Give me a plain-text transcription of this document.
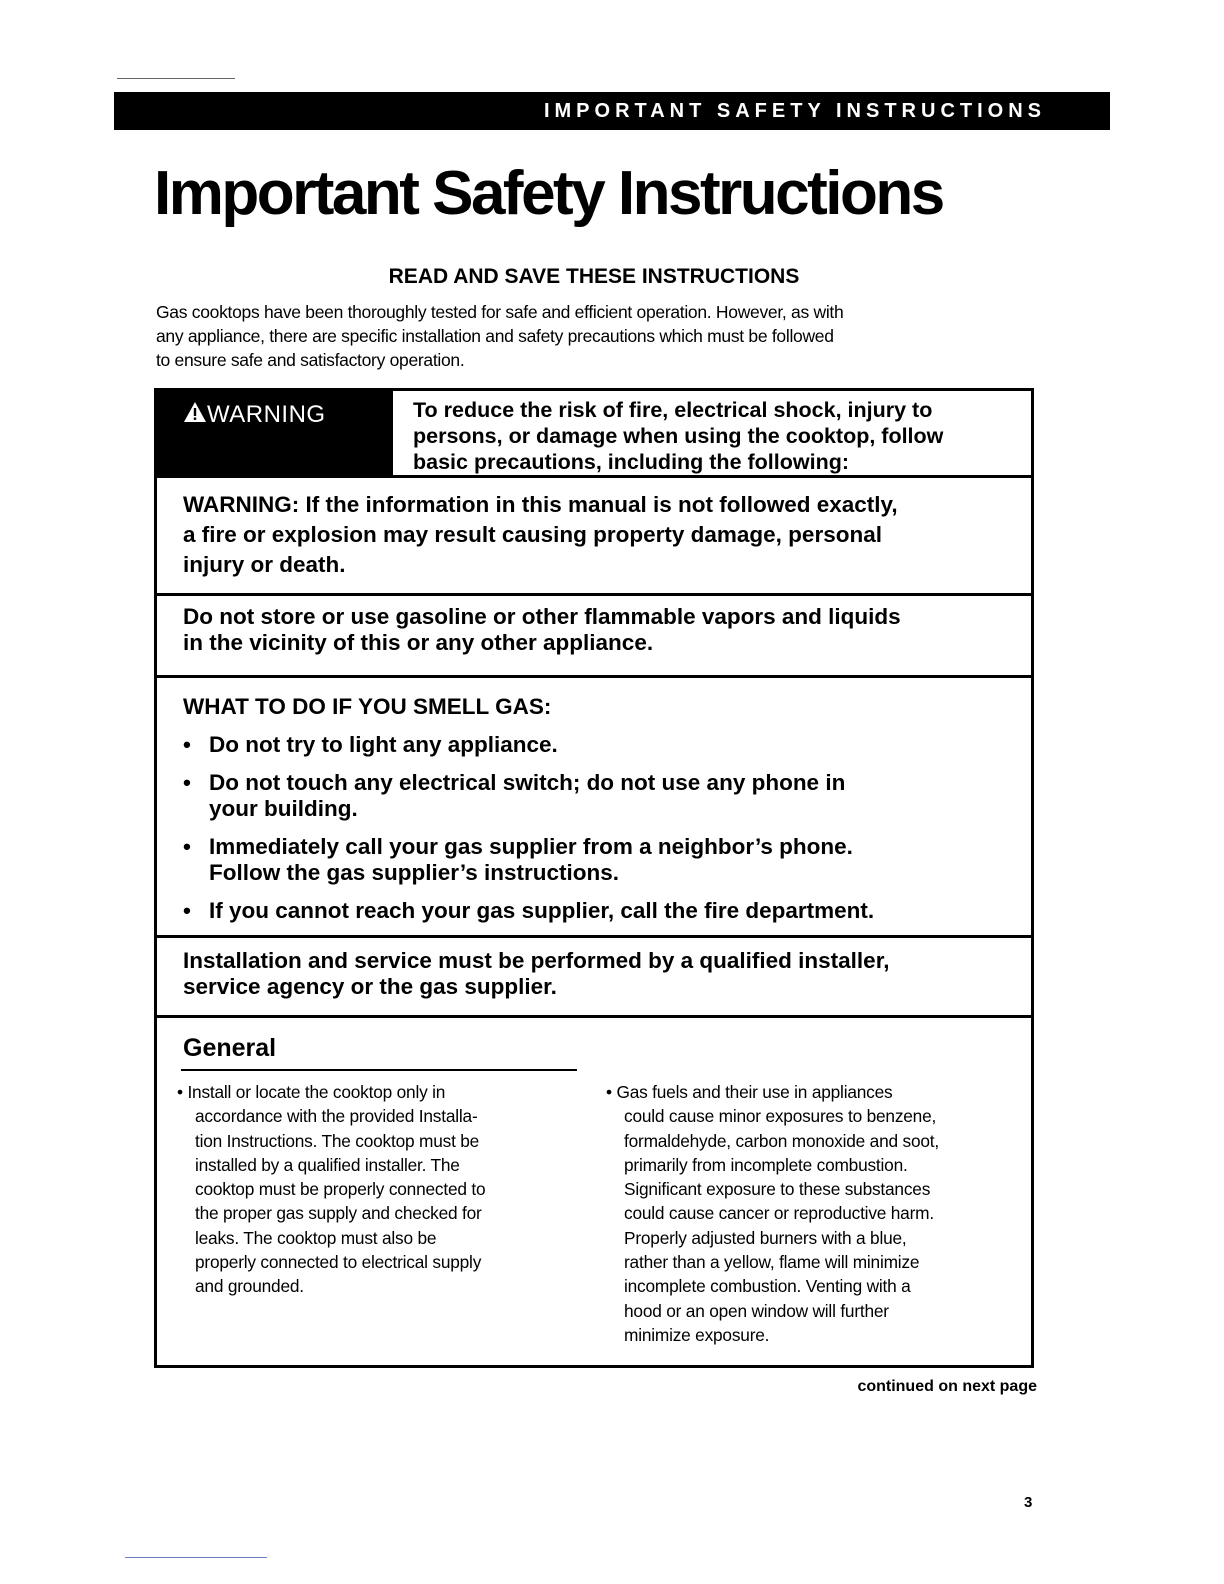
IMPORTANT SAFETY INSTRUCTIONS
Important Safety Instructions
READ AND SAVE THESE INSTRUCTIONS
Gas cooktops have been thoroughly tested for safe and efficient operation. However, as with
any appliance, there are specific installation and safety precautions which must be followed
to ensure safe and satisfactory operation.
WARNING	To reduce the risk of fire, electrical shock, injury to
persons, or damage when using the cooktop, follow
basic precautions, including the following:

WARNING: If the information in this manual is not followed exactly,

a fire or explosion may result causing property damage, personal

injury or death.

Do not store or use gasoline or other flammable vapors and liquids

in the vicinity of this or any other appliance.

WHAT TO DO IF YOU SMELL GAS:

• Do not try to light any appliance.

• Do not touch any electrical switch; do not use any phone in
your building.

• Immediately call your gas supplier from a neighbor’s phone.
Follow the gas supplier’s instructions.

• If you cannot reach your gas supplier, call the fire department.

Installation and service must be performed by a qualified installer,

service agency or the gas supplier.

General
• Install or locate the cooktop only in
accordance with the provided Installa-
tion Instructions. The cooktop must be
installed by a qualified installer. The
cooktop must be properly connected to
the proper gas supply and checked for
leaks. The cooktop must also be
properly connected to electrical supply
and grounded.
• Gas fuels and their use in appliances
could cause minor exposures to benzene,
formaldehyde, carbon monoxide and soot,
primarily from incomplete combustion.
Significant exposure to these substances
could cause cancer or reproductive harm.
Properly adjusted burners with a blue,
rather than a yellow, flame will minimize
incomplete combustion. Venting with a
hood or an open window will further
minimize exposure.
continued on next page
3
